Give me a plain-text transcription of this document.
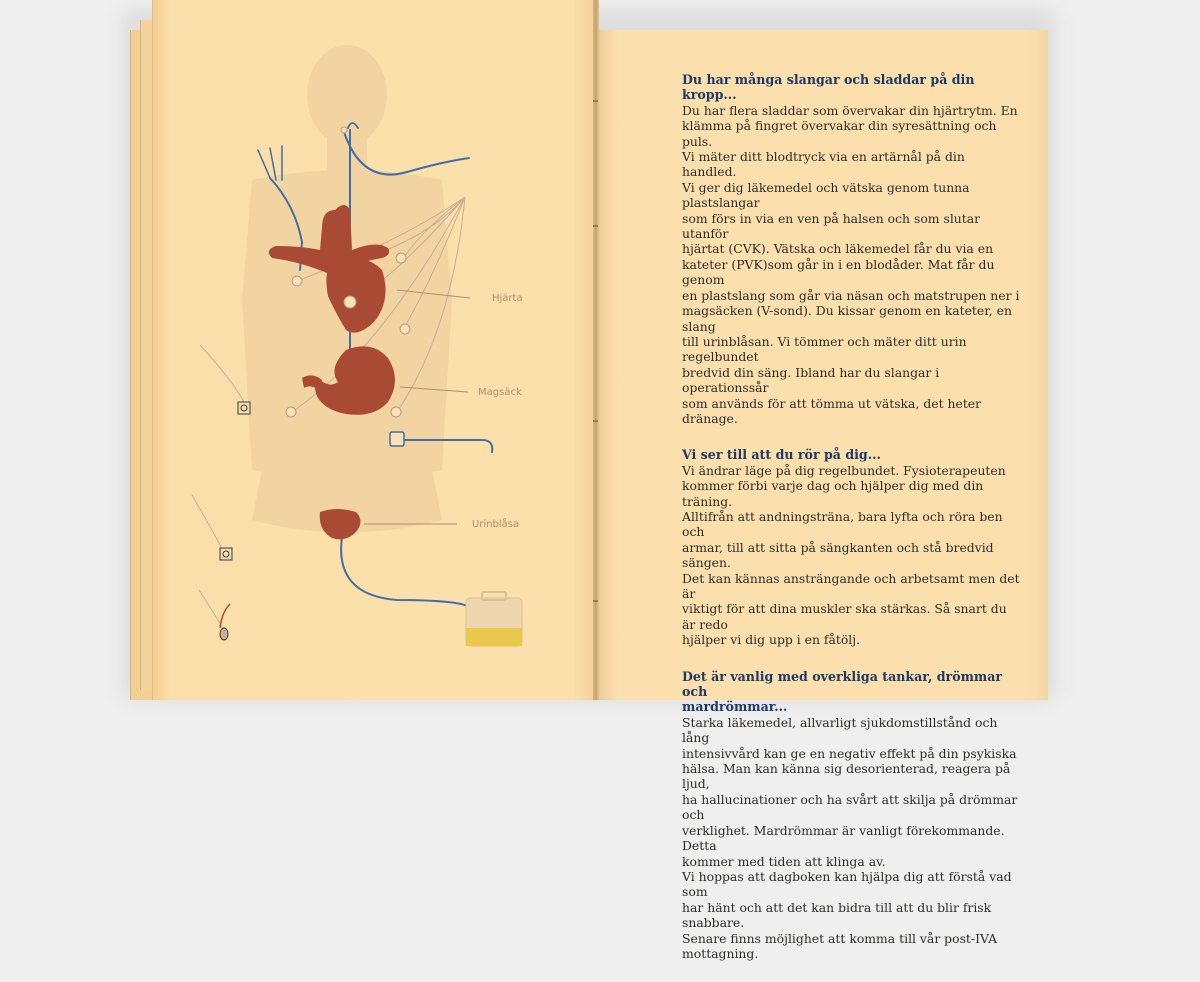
Hjärta
Magsäck
Urinblåsa

Du har många slangar och sladdar på din kropp...

Du har flera sladdar som övervakar din hjärtrytm. En
klämma på fingret övervakar din syresättning och puls.
Vi mäter ditt blodtryck via en artärnål på din handled.
Vi ger dig läkemedel och vätska genom tunna plastslangar
som förs in via en ven på halsen och som slutar utanför
hjärtat (CVK). Vätska och läkemedel får du via en
kateter (PVK)som går in i en blodåder. Mat får du genom
en plastslang som går via näsan och matstrupen ner i
magsäcken (V-sond). Du kissar genom en kateter, en slang
till urinblåsan. Vi tömmer och mäter ditt urin regelbundet
bredvid din säng. Ibland har du slangar i operationssår
som används för att tömma ut vätska, det heter dränage.

Vi ser till att du rör på dig...

Vi ändrar läge på dig regelbundet. Fysioterapeuten
kommer förbi varje dag och hjälper dig med din träning.
Alltifrån att andningsträna, bara lyfta och röra ben och
armar, till att sitta på sängkanten och stå bredvid sängen.
Det kan kännas ansträngande och arbetsamt men det är
viktigt för att dina muskler ska stärkas. Så snart du är redo
hjälper vi dig upp i en fåtölj.

Det är vanlig med overkliga tankar, drömmar och
mardrömmar...

Starka läkemedel, allvarligt sjukdomstillstånd och lång
intensivvård kan ge en negativ effekt på din psykiska
hälsa. Man kan känna sig desorienterad, reagera på ljud,
ha hallucinationer och ha svårt att skilja på drömmar och
verklighet. Mardrömmar är vanligt förekommande. Detta
kommer med tiden att klinga av.
Vi hoppas att dagboken kan hjälpa dig att förstå vad som
har hänt och att det kan bidra till att du blir frisk snabbare.
Senare finns möjlighet att komma till vår post-IVA
mottagning.
